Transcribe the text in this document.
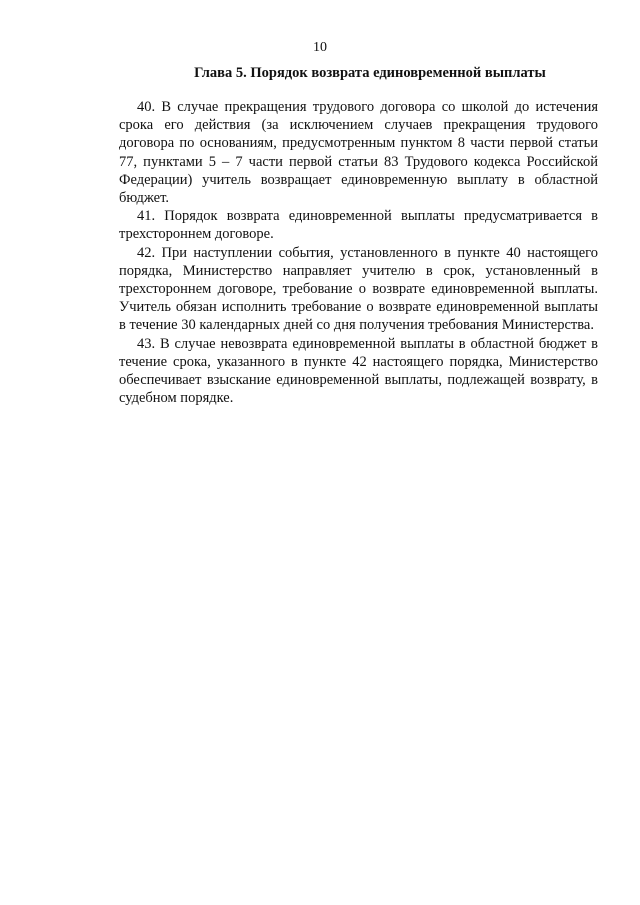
10
Глава 5. Порядок возврата единовременной выплаты

40. В случае прекращения трудового договора со школой до истечения срока его действия (за исключением случаев прекращения трудового договора по основаниям, предусмотренным пунктом 8 части первой статьи 77, пунктами 5 – 7 части первой статьи 83 Трудового кодекса Российской Федерации) учитель возвращает единовременную выплату в областной бюджет.

41. Порядок возврата единовременной выплаты предусматривается в трехстороннем договоре.

42. При наступлении события, установленного в пункте 40 настоящего порядка, Министерство направляет учителю в срок, установленный в трехстороннем договоре, требование о возврате единовременной выплаты. Учитель обязан исполнить требование о возврате единовременной выплаты в течение 30 календарных дней со дня получения требования Министерства.

43. В случае невозврата единовременной выплаты в областной бюджет в течение срока, указанного в пункте 42 настоящего порядка, Министерство обеспечивает взыскание единовременной выплаты, подлежащей возврату, в судебном порядке.
